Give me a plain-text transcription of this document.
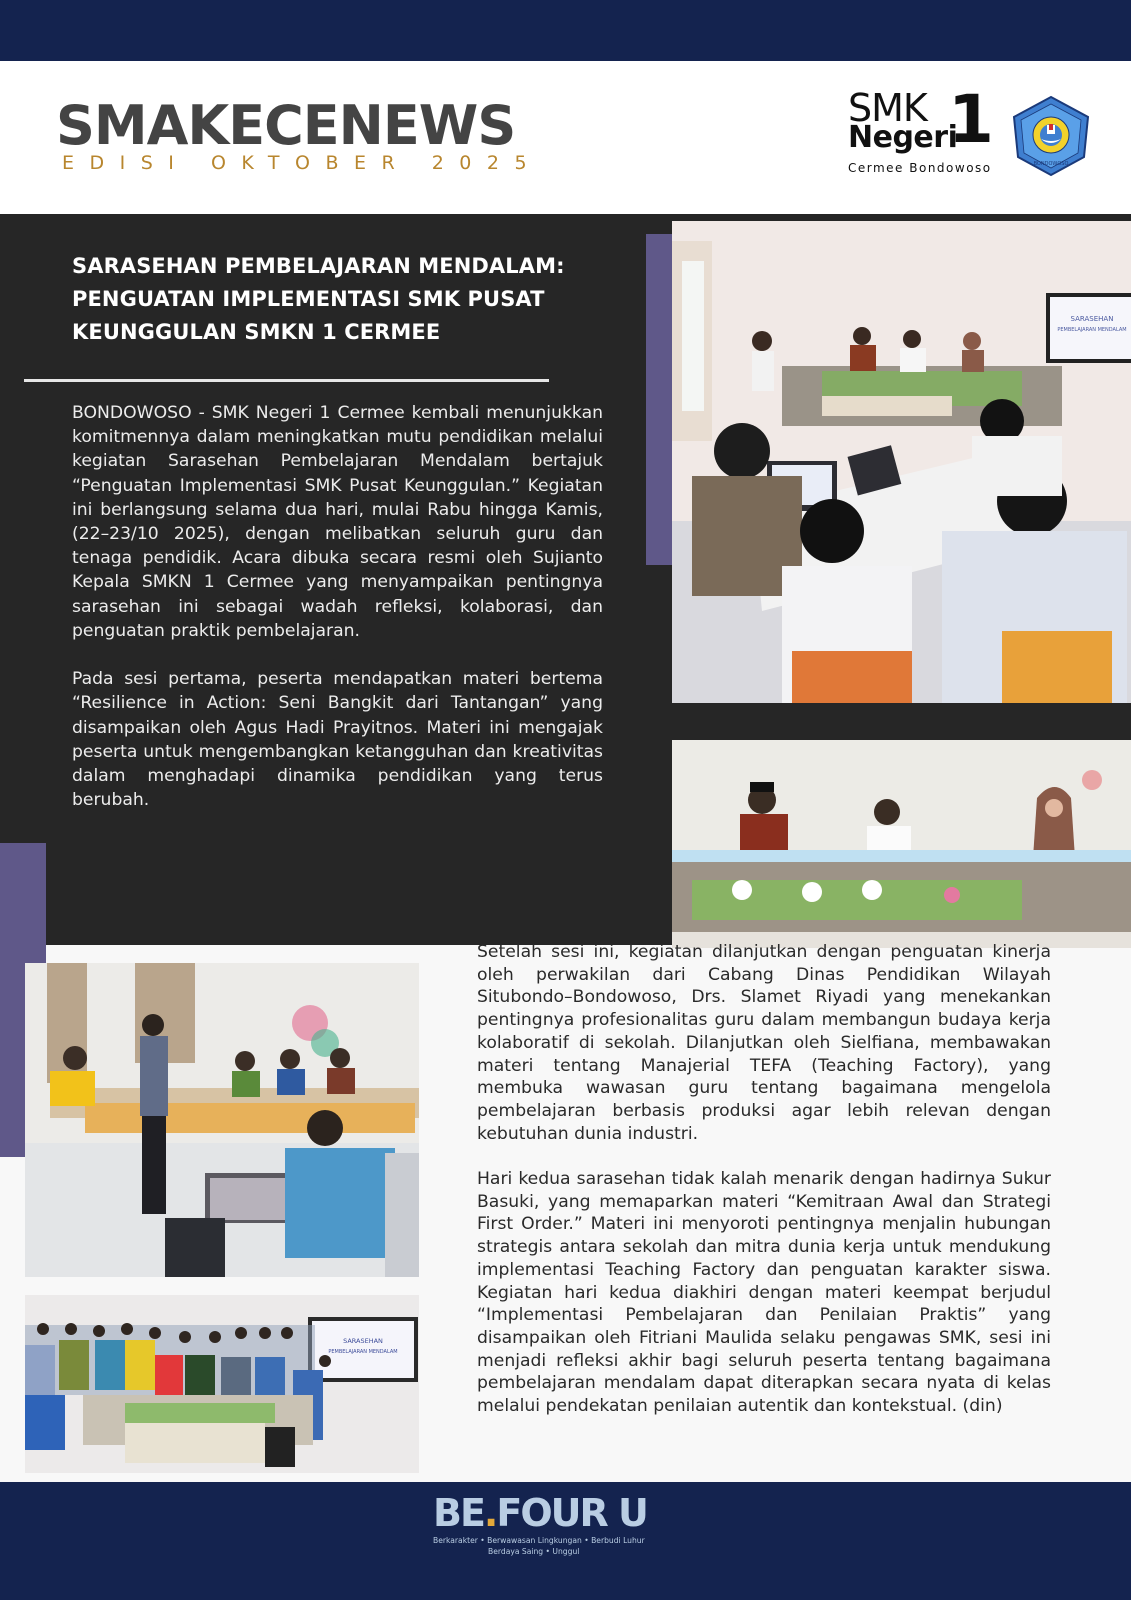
SMAKECENEWS
EDISI OKTOBER 2025
SMK
Negeri
1
Cermee Bondowoso	BONDOWOSO
SARASEHAN PEMBELAJARAN MENDALAM:
PENGUATAN IMPLEMENTASI SMK PUSAT
KEUNGGULAN SMKN 1 CERMEE

BONDOWOSO - SMK Negeri 1 Cermee kembali menunjukkan komitmennya dalam meningkatkan mutu pendidikan melalui kegiatan Sarasehan Pembelajaran Mendalam bertajuk “Penguatan Implementasi SMK Pusat Keunggulan.” Kegiatan ini berlangsung selama dua hari, mulai Rabu hingga Kamis, (22–23/10 2025), dengan melibatkan seluruh guru dan tenaga pendidik. Acara dibuka secara resmi oleh Sujianto Kepala SMKN 1 Cermee yang menyampaikan pentingnya sarasehan ini sebagai wadah refleksi, kolaborasi, dan penguatan praktik pembelajaran.

Pada sesi pertama, peserta mendapatkan materi bertema “Resilience in Action: Seni Bangkit dari Tantangan” yang disampaikan oleh Agus Hadi Prayitnos. Materi ini mengajak peserta untuk mengembangkan ketangguhan dan kreativitas dalam menghadapi dinamika pendidikan yang terus berubah.

SARASEHAN
PEMBELAJARAN MENDALAM
SARASEHAN
PEMBELAJARAN MENDALAM

Setelah sesi ini, kegiatan dilanjutkan dengan penguatan kinerja oleh perwakilan dari Cabang Dinas Pendidikan Wilayah Situbondo–Bondowoso, Drs. Slamet Riyadi yang menekankan pentingnya profesionalitas guru dalam membangun budaya kerja kolaboratif di sekolah. Dilanjutkan oleh Sielfiana, membawakan materi tentang Manajerial TEFA (Teaching Factory), yang membuka wawasan guru tentang bagaimana mengelola pembelajaran berbasis produksi agar lebih relevan dengan kebutuhan dunia industri.

Hari kedua sarasehan tidak kalah menarik dengan hadirnya Sukur Basuki, yang memaparkan materi “Kemitraan Awal dan Strategi First Order.” Materi ini menyoroti pentingnya menjalin hubungan strategis antara sekolah dan mitra dunia kerja untuk mendukung implementasi Teaching Factory dan penguatan karakter siswa. Kegiatan hari kedua diakhiri dengan materi keempat berjudul “Implementasi Pembelajaran dan Penilaian Praktis” yang disampaikan oleh Fitriani Maulida selaku pengawas SMK, sesi ini menjadi refleksi akhir bagi seluruh peserta tentang bagaimana pembelajaran mendalam dapat diterapkan secara nyata di kelas melalui pendekatan penilaian autentik dan kontekstual. (din)

BE.FOUR U
Berkarakter • Berwawasan Lingkungan • Berbudi Luhur
Berdaya Saing • Unggul
